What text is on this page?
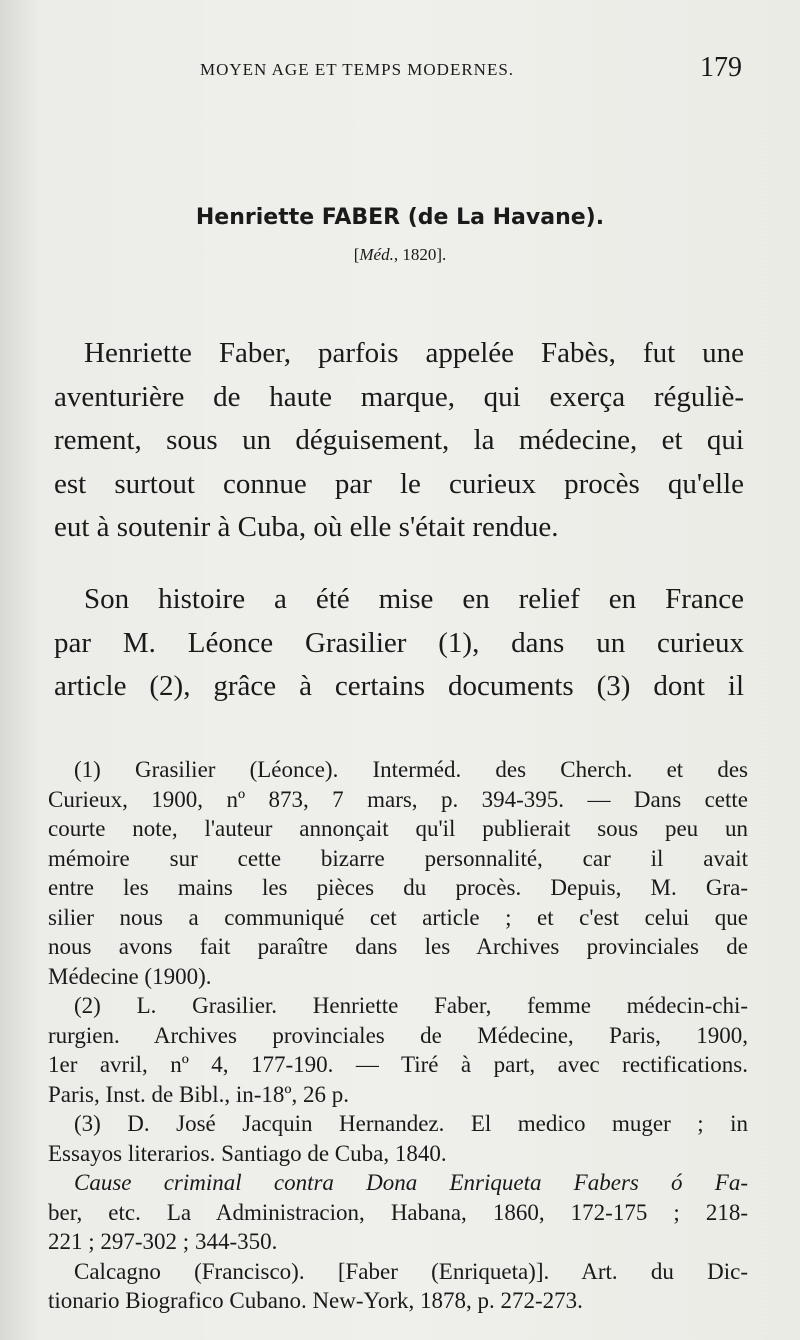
MOYEN AGE ET TEMPS MODERNES.	179
Henriette FABER (de La Havane).
[Méd., 1820].
Henriette Faber, parfois appelée Fabès, fut une
aventurière de haute marque, qui exerça réguliè-
rement, sous un déguisement, la médecine, et qui
est surtout connue par le curieux procès qu'elle
eut à soutenir à Cuba, où elle s'était rendue.
Son histoire a été mise en relief en France
par M. Léonce Grasilier (1), dans un curieux
article (2), grâce à certains documents (3) dont il
(1) Grasilier (Léonce). Interméd. des Cherch. et des
Curieux, 1900, nº 873, 7 mars, p. 394-395. — Dans cette
courte note, l'auteur annonçait qu'il publierait sous peu un
mémoire sur cette bizarre personnalité, car il avait
entre les mains les pièces du procès. Depuis, M. Gra-
silier nous a communiqué cet article ; et c'est celui que
nous avons fait paraître dans les Archives provinciales de
Médecine (1900).
(2) L. Grasilier. Henriette Faber, femme médecin-chi-
rurgien. Archives provinciales de Médecine, Paris, 1900,
1er avril, nº 4, 177-190. — Tiré à part, avec rectifications.
Paris, Inst. de Bibl., in-18º, 26 p.
(3) D. José Jacquin Hernandez. El medico muger ; in
Essayos literarios. Santiago de Cuba, 1840.
Cause criminal contra Dona Enriqueta Fabers ó Fa-
ber, etc. La Administracion, Habana, 1860, 172-175 ; 218-
221 ; 297-302 ; 344-350.
Calcagno (Francisco). [Faber (Enriqueta)]. Art. du Dic-
tionario Biografico Cubano. New-York, 1878, p. 272-273.
